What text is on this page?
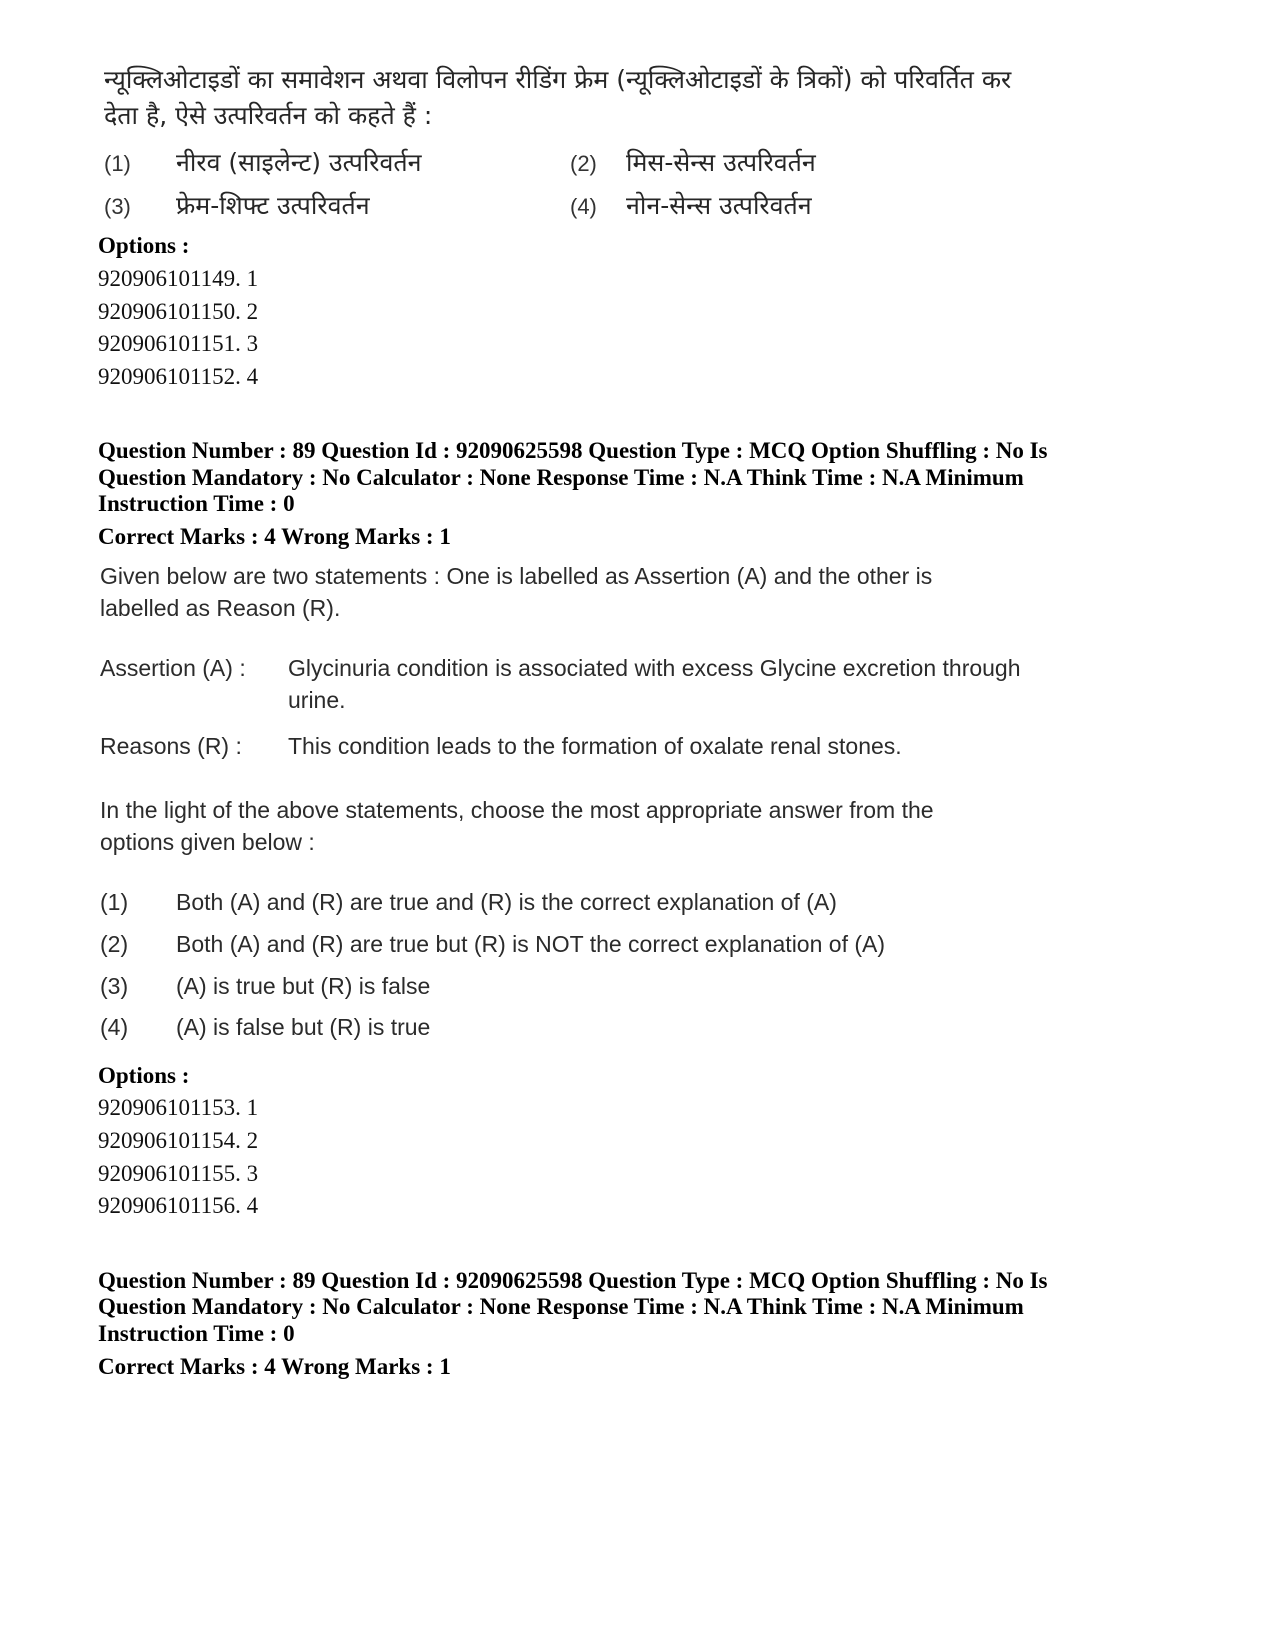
न्यूक्लिओटाइडों का समावेशन अथवा विलोपन रीडिंग फ्रेम (न्यूक्लिओटाइडों के त्रिकों) को परिवर्तित कर
देता है, ऐसे उत्परिवर्तन को कहते हैं :
(1) नीरव (साइलेन्ट) उत्परिवर्तन	(2) मिस-सेन्स उत्परिवर्तन
(3) फ्रेम-शिफ्ट उत्परिवर्तन	(4) नोन-सेन्स उत्परिवर्तन
Options :
920906101149. 1
920906101150. 2
920906101151. 3
920906101152. 4
Question Number : 89 Question Id : 92090625598 Question Type : MCQ Option Shuffling : No Is
Question Mandatory : No Calculator : None Response Time : N.A Think Time : N.A Minimum
Instruction Time : 0
Correct Marks : 4 Wrong Marks : 1
Given below are two statements : One is labelled as Assertion (A) and the other is
labelled as Reason (R).
Assertion (A) : Glycinuria condition is associated with excess Glycine excretion through
urine.
Reasons (R) : This condition leads to the formation of oxalate renal stones.
In the light of the above statements, choose the most appropriate answer from the
options given below :
(1) Both (A) and (R) are true and (R) is the correct explanation of (A)
(2) Both (A) and (R) are true but (R) is NOT the correct explanation of (A)
(3) (A) is true but (R) is false
(4) (A) is false but (R) is true
Options :
920906101153. 1
920906101154. 2
920906101155. 3
920906101156. 4
Question Number : 89 Question Id : 92090625598 Question Type : MCQ Option Shuffling : No Is
Question Mandatory : No Calculator : None Response Time : N.A Think Time : N.A Minimum
Instruction Time : 0
Correct Marks : 4 Wrong Marks : 1
